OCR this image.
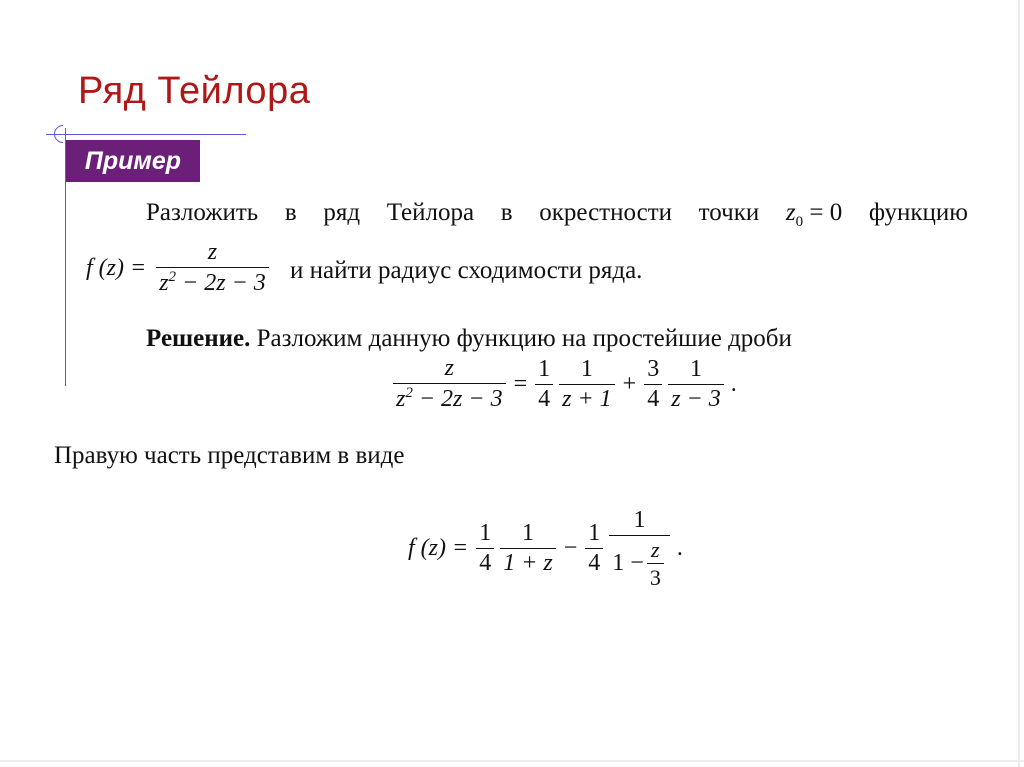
Ряд Тейлора
Пример
Разложить в ряд Тейлора в окрестности точки $z_0 = 0$ функцию
f $(z) = \frac{z}{z^2 - 2z - 3}$ и найти радиус сходимости ряда.
Решение. Разложим данную функцию на простейшие дроби
$\frac{z}{z^2 - 2z - 3} = \frac{1}{4} \frac{1}{z + 1} + \frac{3}{4} \frac{1}{z - 3}$ .
Правую часть представим в виде
f $(z) = \frac{1}{4} \frac{1}{1 + z} - \frac{1}{4} \frac{1}{1 - \frac{z}{3}}$ .
